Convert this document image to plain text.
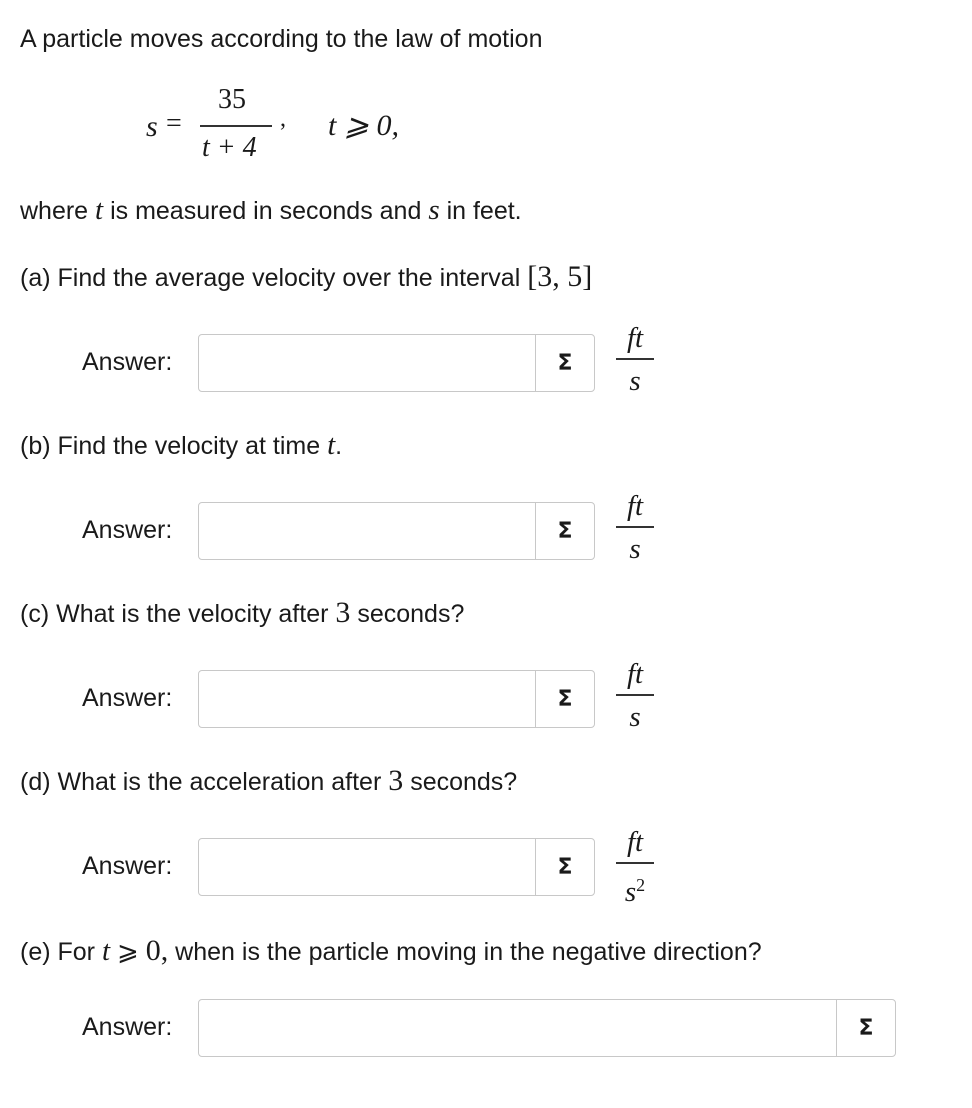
A particle moves according to the law of motion
s =
35
t + 4
, t ⩾ 0,
where t is measured in seconds and s in feet.
(a) Find the average velocity over the interval [3, 5]
Answer:	Σ
ft
s
(b) Find the velocity at time t.
Answer:	Σ
ft
s
(c) What is the velocity after 3 seconds?
Answer:	Σ
ft
s
(d) What is the acceleration after 3 seconds?
Answer:	Σ
ft
$s^2$
(e) For t ⩾ 0, when is the particle moving in the negative direction?
Answer:	Σ
